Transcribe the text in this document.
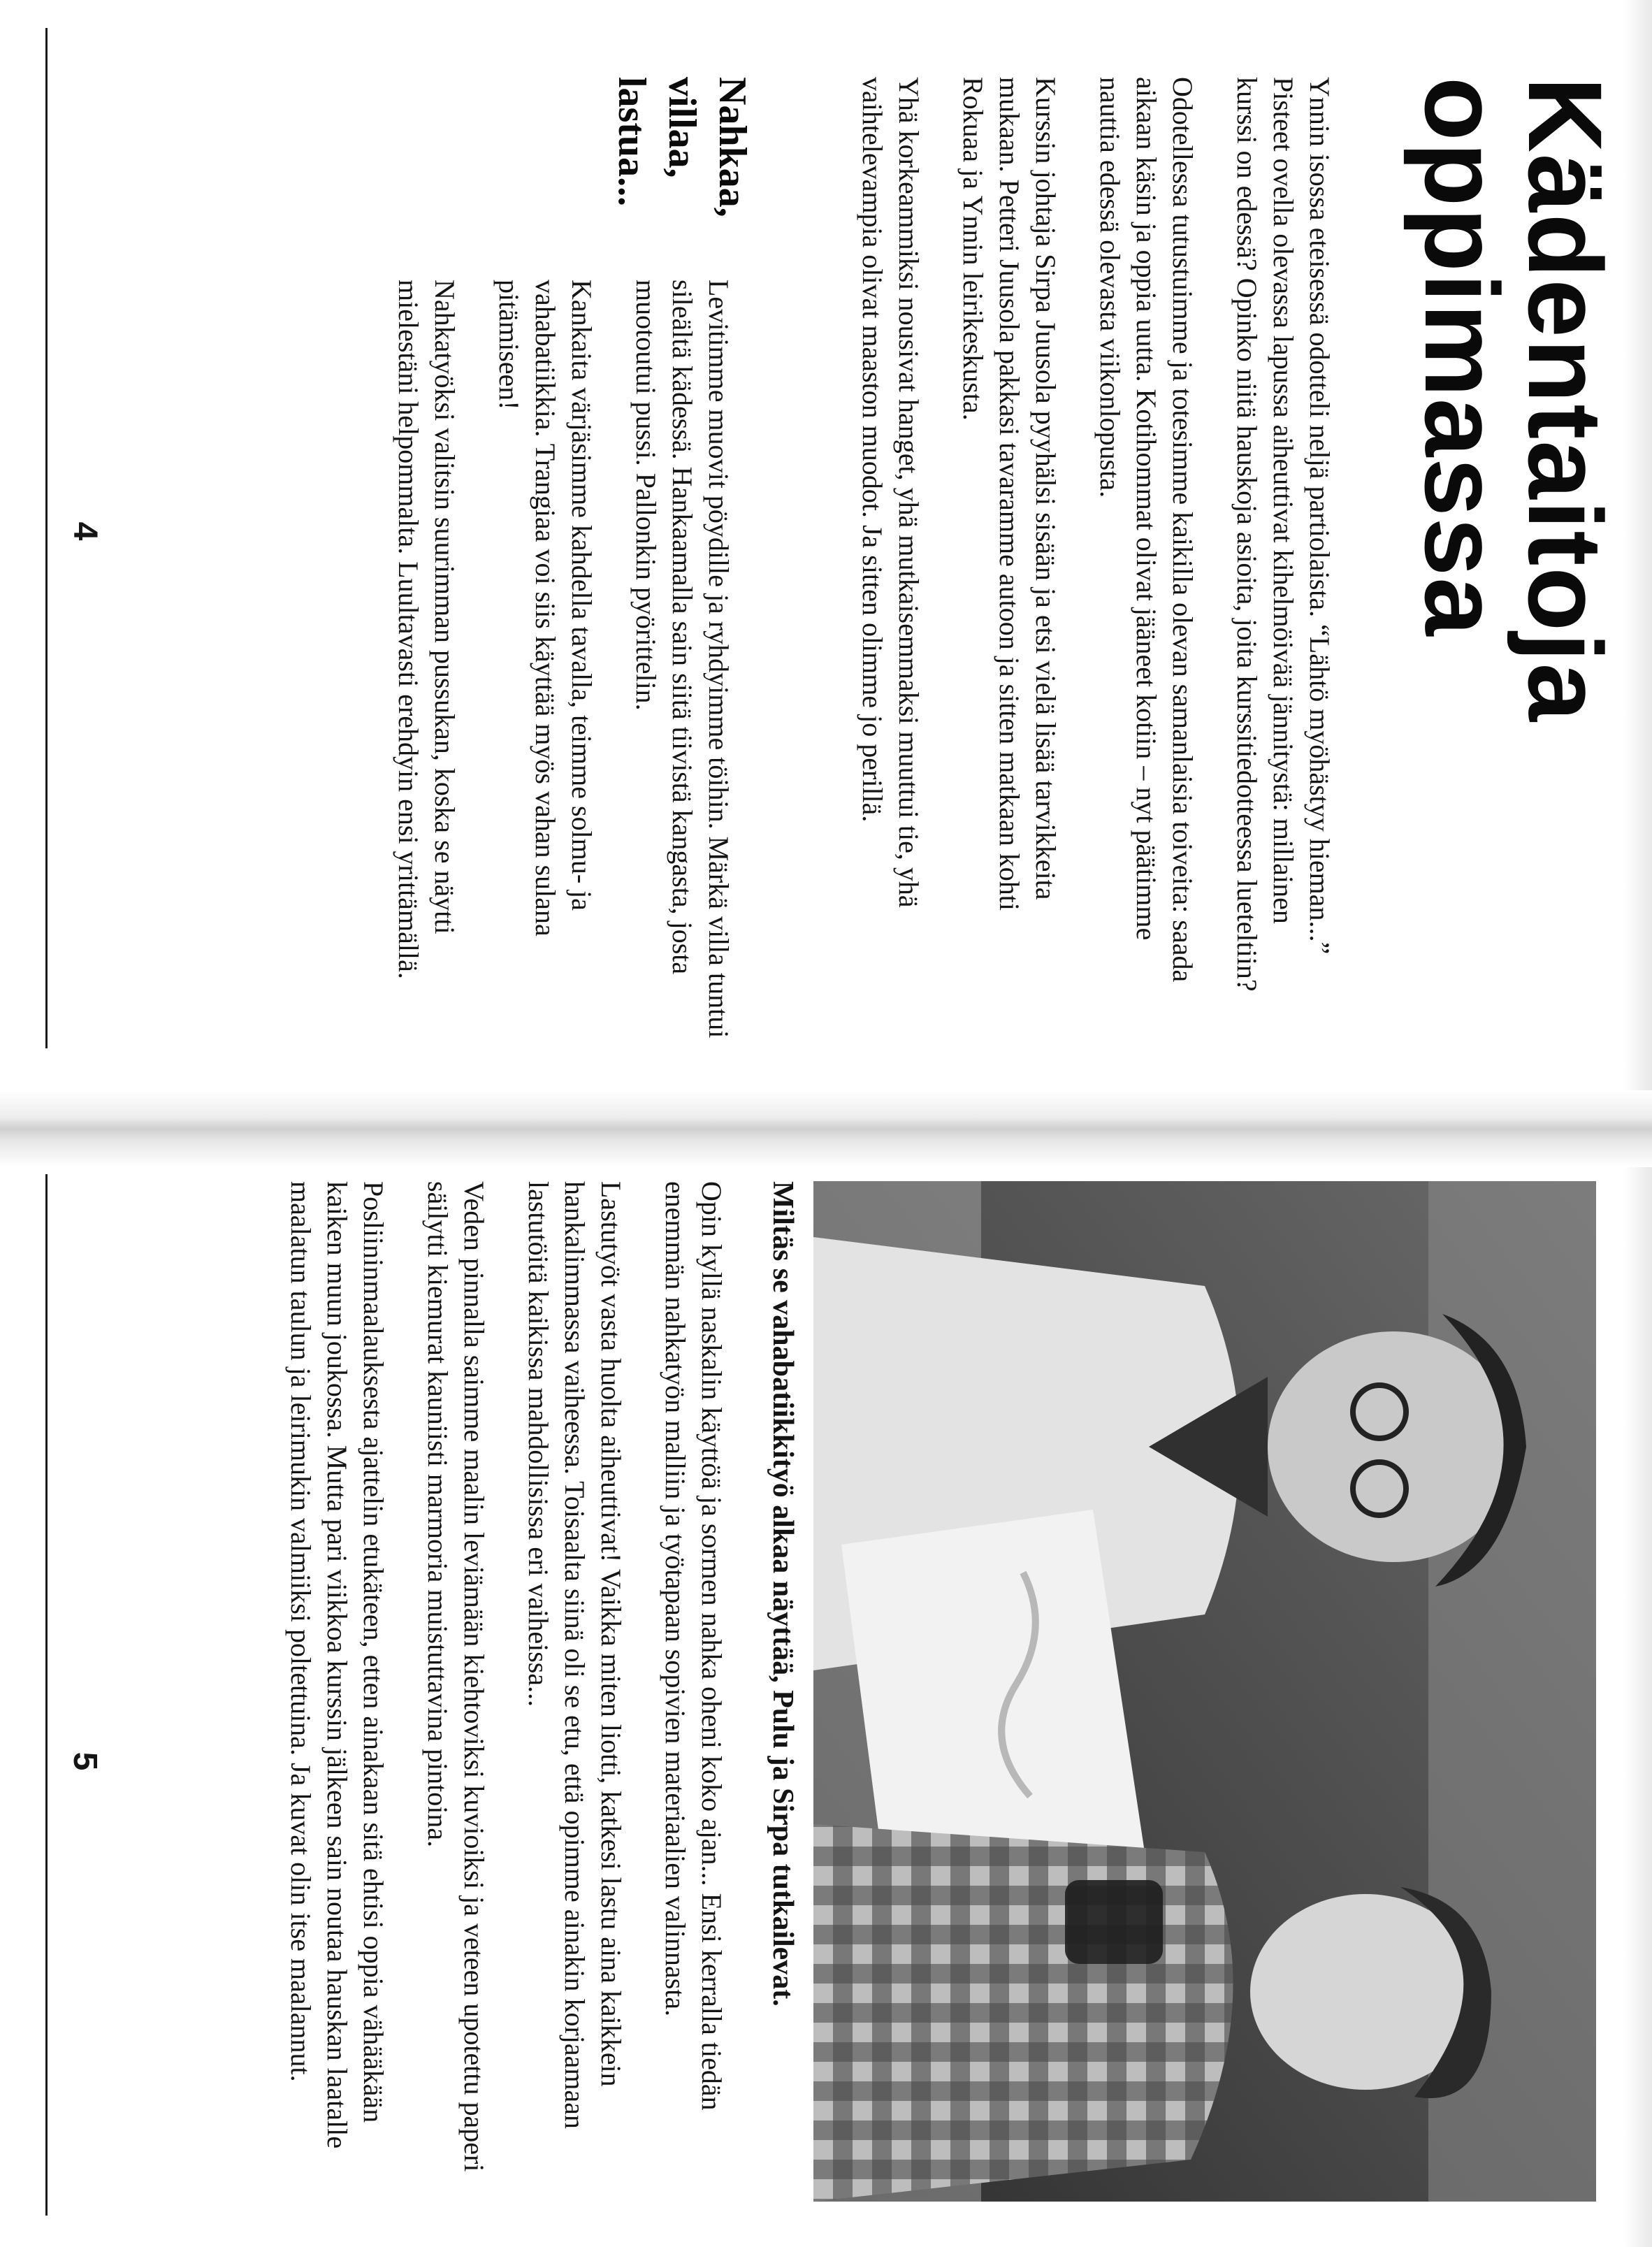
Kädentaitoja oppimassa

Ynnin isossa eteisessä odotteli neljä partiolaista. “Lähtö myöhästyy hieman...” Pisteet ovella olevassa lapussa aiheuttivat kihelmöivää jännitystä: millainen kurssi on edessä? Opinko niitä hauskoja asioita, joita kurssitiedotteessa lueteltiin?

Odotellessa tutustuimme ja totesimme kaikilla olevan samanlaisia toiveita: saada aikaan käsin ja oppia uutta. Kotihommat olivat jääneet kotiin – nyt päätimme nauttia edessä olevasta viikonlopusta.

Kurssin johtaja Sirpa Juusola pyyhälsi sisään ja etsi vielä lisää tarvikkeita mukaan. Petteri Juusola pakkasi tavaramme autoon ja sitten matkaan kohti Rokuaa ja Ynnin leirikeskusta.

Yhä korkeammiksi nousivat hanget, yhä mutkaisemmaksi muuttui tie, yhä vaihtelevampia olivat maaston muodot. Ja sitten olimme jo perillä.

Nahkaa,
villaa,
lastua...

Levitimme muovit pöydille ja ryhdyimme töihin. Märkä villa tuntui sileältä kädessä. Hankaamalla sain siitä tiivistä kangasta, josta muotoutui pussi. Pallonkin pyörittelin.

Kankaita värjäsimme kahdella tavalla, teimme solmu- ja vahabatiikkia. Trangiaa voi siis käyttää myös vahan sulana pitämiseen!

Nahkatyöksi valitsin suurimman pussukan, koska se näytti mielestäni helpommalta. Luultavasti erehdyin ensi yrittämällä.

4
Miltäs se vahabatiikkityö alkaa näyttää, Pulu ja Sirpa tutkailevat.

Opin kyllä naskalin käyttöä ja sormen nahka oheni koko ajan... Ensi kerralla tiedän enemmän nahkatyön malliin ja työtapaan sopivien materiaalien valinnasta.

Lastutyöt vasta huolta aiheuttivat! Vaikka miten liotti, katkesi lastu aina kaikkein hankalimmassa vaiheessa. Toisaalta siinä oli se etu, että opimme ainakin korjaamaan lastutöitä kaikissa mahdollisissa eri vaiheissa...

Veden pinnalla saimme maalin leviämään kiehtoviksi kuvioiksi ja veteen upotettu paperi säilytti kiemurat kauniisti marmoria muistuttavina pintoina.

Posliininmaalauksesta ajattelin etukäteen, etten ainakaan sitä ehtisi oppia vähääkään kaiken muun joukossa. Mutta pari viikkoa kurssin jälkeen sain noutaa hauskan laatalle maalatun taulun ja leirimukin valmiiksi poltettuina. Ja kuvat olin itse maalannut.

5
